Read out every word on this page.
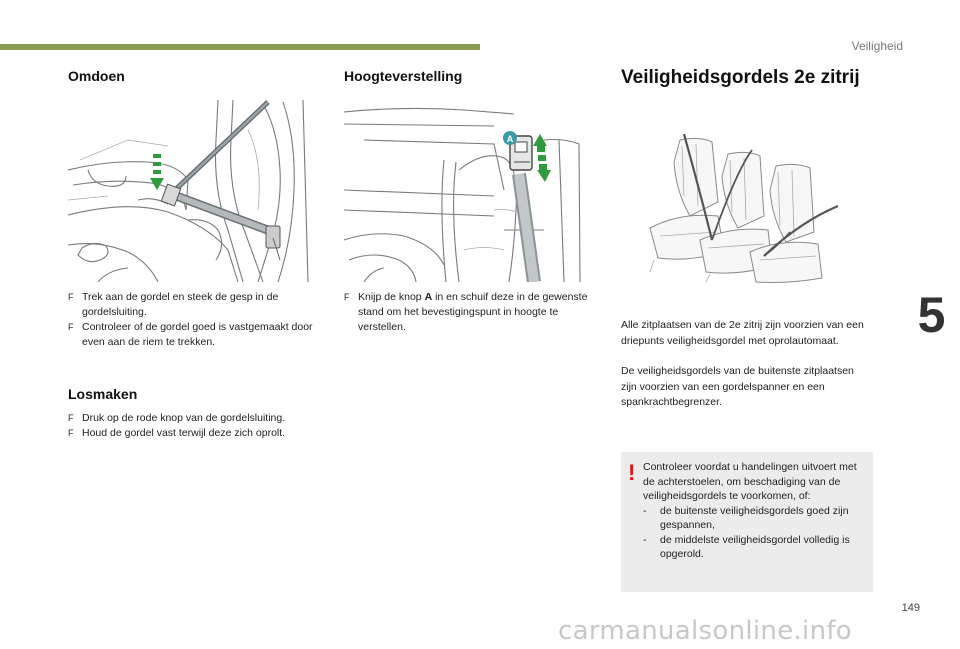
Veiligheid
5
149
Omdoen
F Trek aan de gordel en steek de gesp in de gordelsluiting.
F Controleer of de gordel goed is vastgemaakt door even aan de riem te trekken.
Losmaken
F Druk op de rode knop van de gordelsluiting.
F Houd de gordel vast terwijl deze zich oprolt.
Hoogteverstelling
A
F Knijp de knop A in en schuif deze in de gewenste stand om het bevestigingspunt in hoogte te verstellen.
Veiligheidsgordels 2e zitrij
Alle zitplaatsen van de 2e zitrij zijn voorzien van een driepunts veiligheidsgordel met oprolautomaat.
De veiligheidsgordels van de buitenste zitplaatsen zijn voorzien van een gordelspanner en een spankrachtbegrenzer.
! Controleer voordat u handelingen uitvoert met de achterstoelen, om beschadiging van de veiligheidsgordels te voorkomen, of:
- de buitenste veiligheidsgordels goed zijn gespannen,
- de middelste veiligheidsgordel volledig is opgerold.
carmanualsonline.info
